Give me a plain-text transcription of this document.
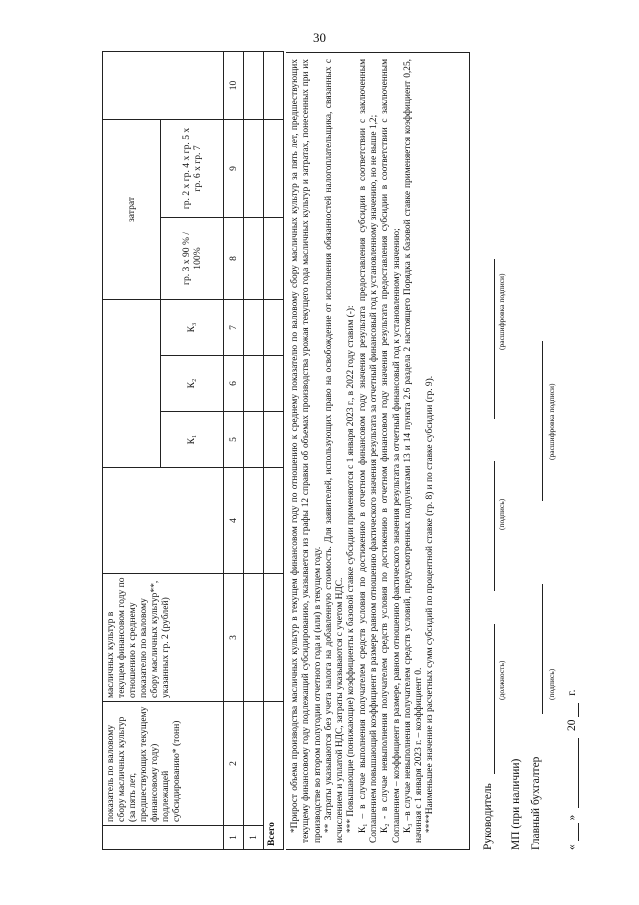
30
	показатель по валовому сбору масличных культур (за пять лет, предшествующих текущему финансовому году) подлежащей субсидированию* (тонн)	масличных культур в текущем финансовом году по отношению к среднему показателю по валовому сбору масличных культур**, указанных гр. 2 (рублей)					затрат		
				К₁	К₂	К₃	гр. 3 x 90 % / 100%	гр. 2 x гр. 4 x гр. 5 x гр. 6 x гр. 7	
1	2	3	4	5	6	7	8	9	10
1									
Всего									

*Прирост объема производства масличных культур в текущем финансовом году по отношению к среднему показателю по валовому сбору масличных культур за пять лет, предшествующих текущему финансовому году подлежащий субсидированию, указывается из графы 12 справки об объемах производства урожая текущего года масличных культур и затратах, понесенных при их производстве во втором полугодии отчетного года и (или) в текущем году. ** Затраты указываются без учета налога на добавленную стоимость. Для заявителей, использующих право на освобождение от исполнения обязанностей налогоплательщика, связанных с исчислением и уплатой НДС, затраты указываются с учетом НДС. *** Повышающие (понижающие) коэффициенты к базовой ставке субсидии применяются с 1 января 2023 г., в 2022 году ставим (-): К₁ – в случае выполнения получателем средств условия по достижению в отчетном финансовом году значения результата предоставления субсидии в соответствии с заключенным Соглашением повышающий коэффициент в размере равном отношению фактического значения результата за отчетный финансовый год к установленному значению, но не выше 1,2; К₂ - в случае невыполнения получателем средств условия по достижению в отчетном финансовом году значения результата предоставления субсидии в соответствии с заключенным Соглашением – коэффициент в размере, равном отношению фактического значения результата за отчетный финансовый год к установленному значению; К₃ –в случае невыполнения получателем средств условий, предусмотренных подпунктами 13 и 14 пункта 2.6 раздела 2 настоящего Порядка к базовой ставке применяется коэффициент 0,25, начиная с 1 января 2023 г. – коэффициент 0. ****Наименьшее значение из расчетных сумм субсидий по процентной ставке (гр. 8) и по ставке субсидии (гр. 9).	Руководитель
(должность)
(подпись)
(расшифровка подписи)
МП (при наличии) Главный бухгалтер
(подпись)
(расшифровка подписи)
«  »  20  г.
